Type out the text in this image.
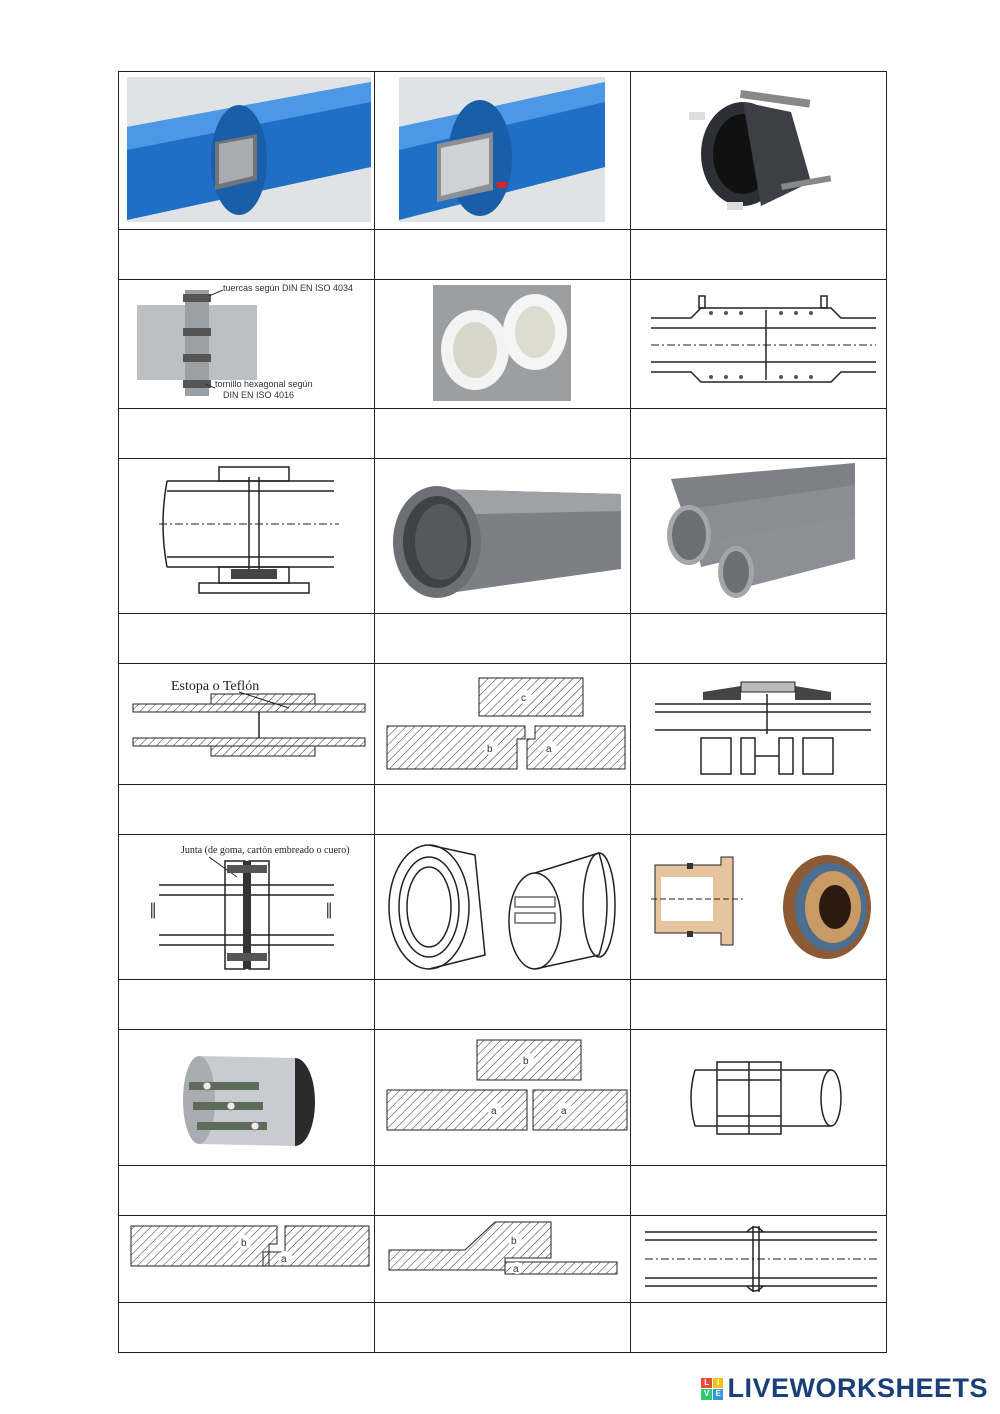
tuercas según DIN EN ISO 4034
tornillo hexagonal según
DIN EN ISO 4016

Estopa o Teflón	c
b a

Junta (de goma, cartón embreado o cuero)
∥ ∥

b
a a

b
a	b
a

L I
V E LIVEWORKSHEETS
